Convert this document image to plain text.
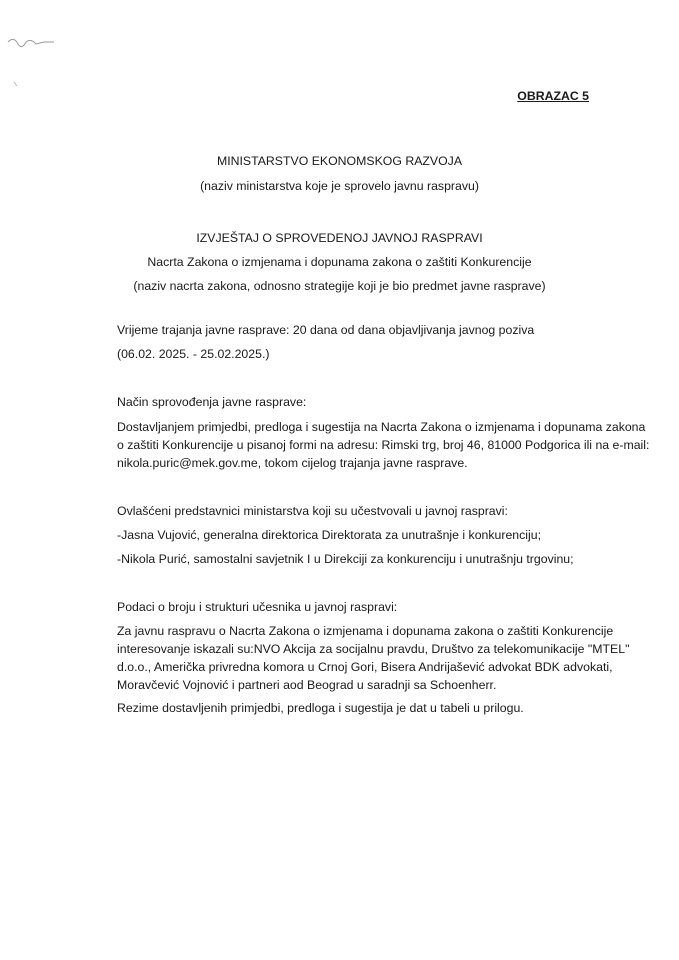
OBRAZAC 5
MINISTARSTVO EKONOMSKOG RAZVOJA
(naziv ministarstva koje je sprovelo javnu raspravu)
IZVJEŠTAJ O SPROVEDENOJ JAVNOJ RASPRAVI
Nacrta Zakona o izmjenama i dopunama zakona o zaštiti Konkurencije
(naziv nacrta zakona, odnosno strategije koji je bio predmet javne rasprave)
Vrijeme trajanja javne rasprave: 20 dana od dana objavljivanja javnog poziva
(06.02. 2025. - 25.02.2025.)
Način sprovođenja javne rasprave:
Dostavljanjem primjedbi, predloga i sugestija na Nacrta Zakona o izmjenama i dopunama zakona
o zaštiti Konkurencije u pisanoj formi na adresu: Rimski trg, broj 46, 81000 Podgorica ili na e-mail:
nikola.puric@mek.gov.me, tokom cijelog trajanja javne rasprave.
Ovlašćeni predstavnici ministarstva koji su učestvovali u javnoj raspravi:
-Jasna Vujović, generalna direktorica Direktorata za unutrašnje i konkurenciju;
-Nikola Purić, samostalni savjetnik I u Direkciji za konkurenciju i unutrašnju trgovinu;
Podaci o broju i strukturi učesnika u javnoj raspravi:
Za javnu raspravu o Nacrta Zakona o izmjenama i dopunama zakona o zaštiti Konkurencije
interesovanje iskazali su:NVO Akcija za socijalnu pravdu, Društvo za telekomunikacije "MTEL"
d.o.o., Američka privredna komora u Crnoj Gori, Bisera Andrijašević advokat BDK advokati,
Moravčević Vojnović i partneri aod Beograd u saradnji sa Schoenherr.
Rezime dostavljenih primjedbi, predloga i sugestija je dat u tabeli u prilogu.
